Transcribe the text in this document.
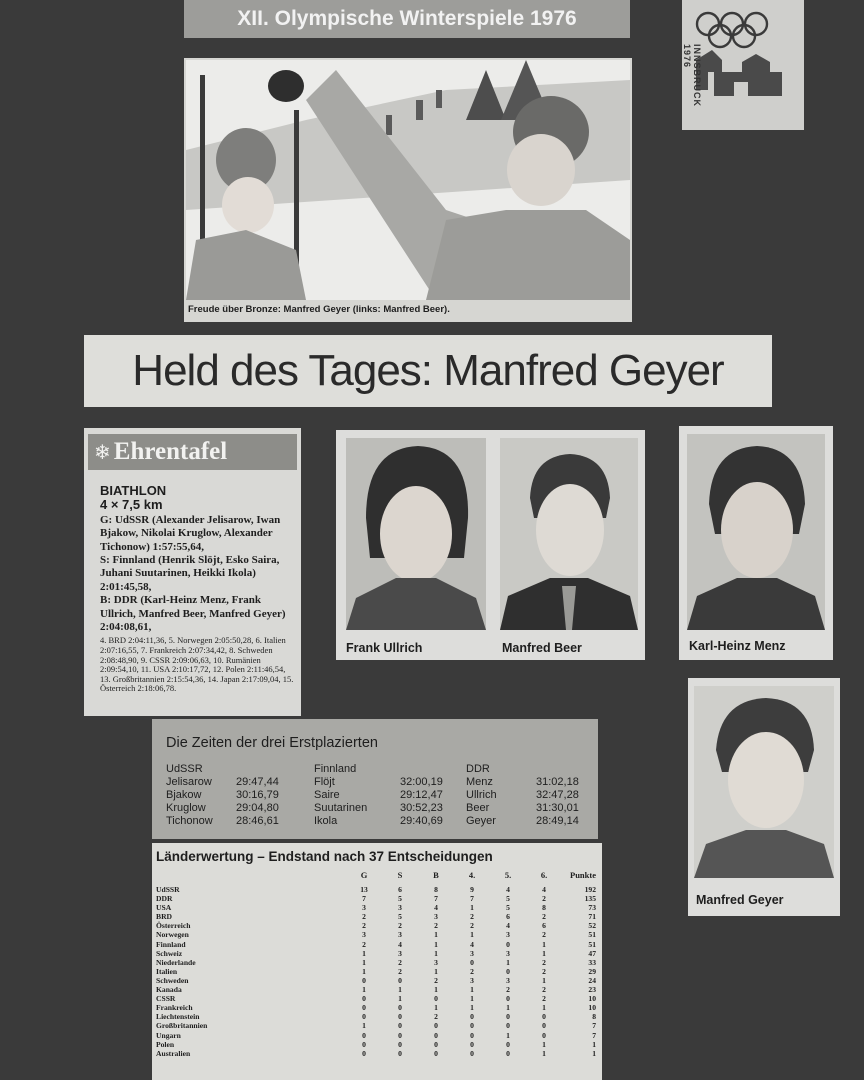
XII. Olympische Winterspiele 1976
INNSBRUCK 1976
Freude über Bronze: Manfred Geyer (links: Manfred Beer).
Held des Tages: Manfred Geyer
❄ Ehrentafel
BIATHLON
4 × 7,5 km
G: UdSSR (Alexander Jelisarow, Iwan Bjakow, Nikolai Kruglow, Alexander Tichonow) 1:57:55,64,
S: Finnland (Henrik Slöjt, Esko Saira, Juhani Suutarinen, Heikki Ikola) 2:01:45,58,
B: DDR (Karl-Heinz Menz, Frank Ullrich, Manfred Beer, Manfred Geyer) 2:04:08,61,
4. BRD 2:04:11,36, 5. Norwegen 2:05:50,28, 6. Italien 2:07:16,55, 7. Frankreich 2:07:34,42, 8. Schweden 2:08:48,90, 9. CSSR 2:09:06,63, 10. Rumänien 2:09:54,10, 11. USA 2:10:17,72, 12. Polen 2:11:46,54, 13. Großbritannien 2:15:54,36, 14. Japan 2:17:09,04, 15. Österreich 2:18:06,78.
Frank Ullrich	Manfred Beer	Karl-Heinz Menz
Manfred Geyer
Die Zeiten der drei Erstplazierten
UdSSR	
Jelisarow	29:47,44
Bjakow	30:16,79
Kruglow	29:04,80
Tichonow	28:46,61
Finnland	
Flöjt	32:00,19
Saire	29:12,47
Suutarinen	30:52,23
Ikola	29:40,69
DDR	
Menz	31:02,18
Ullrich	32:47,28
Beer	31:30,01
Geyer	28:49,14
Länderwertung – Endstand nach 37 Entscheidungen
	G	S	B	4.	5.	6.	Punkte
UdSSR	13	6	8	9	4	4	192
DDR	7	5	7	7	5	2	135
USA	3	3	4	1	5	8	73
BRD	2	5	3	2	6	2	71
Österreich	2	2	2	2	4	6	52
Norwegen	3	3	1	1	3	2	51
Finnland	2	4	1	4	0	1	51
Schweiz	1	3	1	3	3	1	47
Niederlande	1	2	3	0	1	2	33
Italien	1	2	1	2	0	2	29
Schweden	0	0	2	3	3	1	24
Kanada	1	1	1	1	2	2	23
CSSR	0	1	0	1	0	2	10
Frankreich	0	0	1	1	1	1	10
Liechtenstein	0	0	2	0	0	0	8
Großbritannien	1	0	0	0	0	0	7
Ungarn	0	0	0	0	1	0	7
Polen	0	0	0	0	0	1	1
Australien	0	0	0	0	0	1	1
